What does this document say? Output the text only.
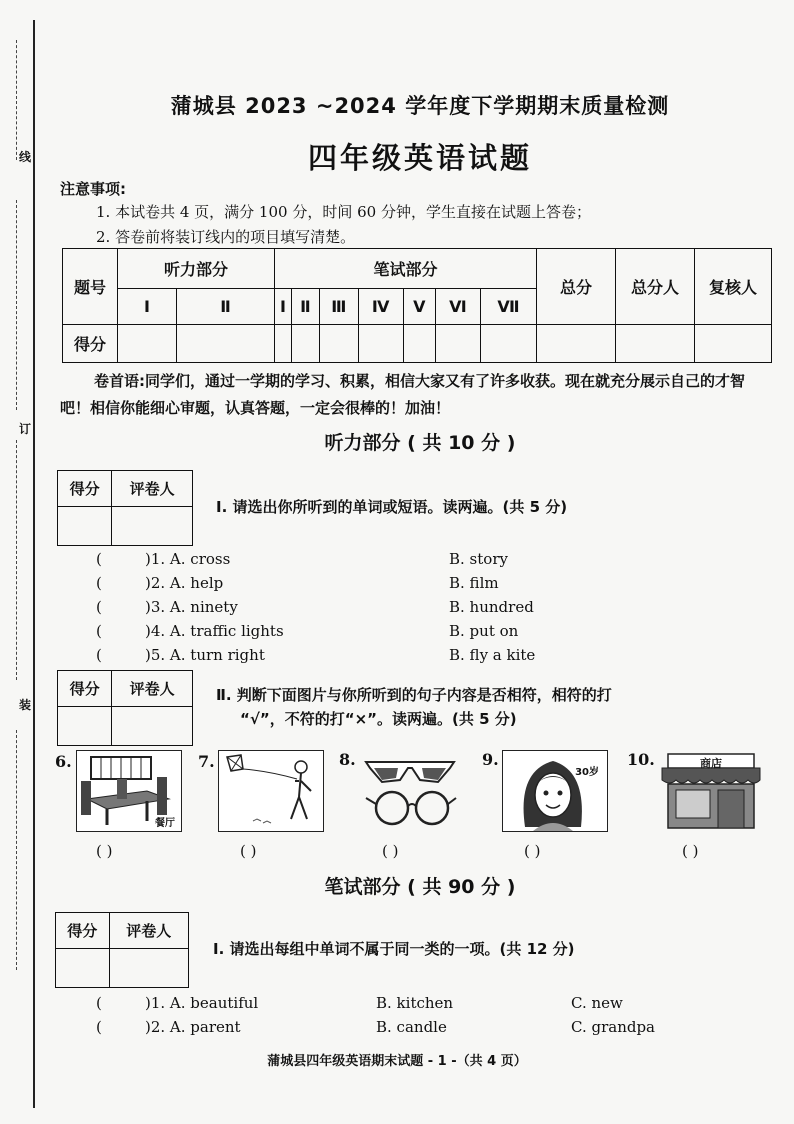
线
订
装
蒲城县 2023 ~2024 学年度下学期期末质量检测
四年级英语试题
注意事项:
1. 本试卷共 4 页，满分 100 分，时间 60 分钟，学生直接在试题上答卷；
2. 答卷前将装订线内的项目填写清楚。
题号	听力部分		笔试部分							总分	总分人	复核人
	Ⅰ	Ⅱ	Ⅰ	Ⅱ	Ⅲ	Ⅳ	Ⅴ	Ⅵ	Ⅶ			
得分												
卷首语:同学们，通过一学期的学习、积累，相信大家又有了许多收获。现在就充分展示自己的才智吧！相信你能细心审题，认真答题，一定会很棒的！加油！
听力部分 ( 共 10 分 )
得分	评卷人

Ⅰ. 请选出你所听到的单词或短语。读两遍。(共 5 分)
(	)1. A. cross	B. story
(	)2. A. help	B. film
(	)3. A. ninety	B. hundred
(	)4. A. traffic lights	B. put on
(	)5. A. turn right	B. fly a kite
得分	评卷人
		Ⅱ. 判断下面图片与你所听到的句子内容是否相符，相符的打
“√”，不符的打“×”。读两遍。(共 5 分)
6.
餐厅
7.	8.	9.
30岁
10.	商店
( )	( )	( )	( )	( )
笔试部分 ( 共 90 分 )
得分	评卷人

Ⅰ. 请选出每组中单词不属于同一类的一项。(共 12 分)
(	)1. A. beautiful	B. kitchen	C. new
(	)2. A. parent	B. candle	C. grandpa
蒲城县四年级英语期末试题 - 1 -（共 4 页）
